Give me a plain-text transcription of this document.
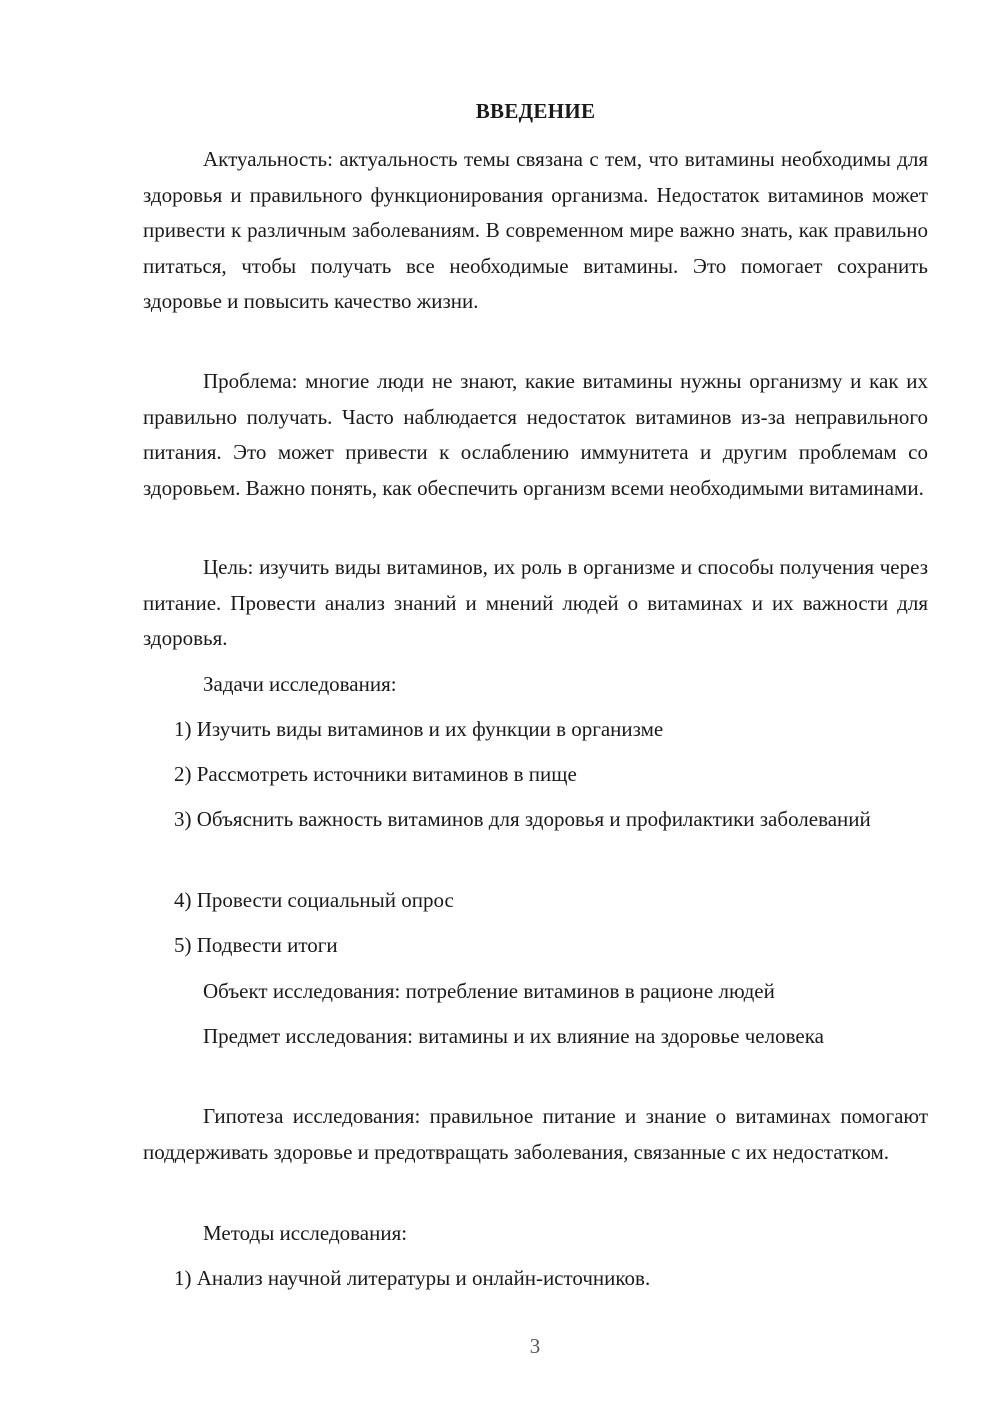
ВВЕДЕНИЕ

Актуальность: актуальность темы связана с тем, что витамины необходимы для здоровья и правильного функционирования организма. Недостаток витаминов может привести к различным заболеваниям. В современном мире важно знать, как правильно питаться, чтобы получать все необходимые витамины. Это помогает сохранить здоровье и повысить качество жизни.

Проблема: многие люди не знают, какие витамины нужны организму и как их правильно получать. Часто наблюдается недостаток витаминов из-за неправильного питания. Это может привести к ослаблению иммунитета и другим проблемам со здоровьем. Важно понять, как обеспечить организм всеми необходимыми витаминами.

Цель: изучить виды витаминов, их роль в организме и способы получения через питание. Провести анализ знаний и мнений людей о витаминах и их важности для здоровья.

Задачи исследования:

1) Изучить виды витаминов и их функции в организме

2) Рассмотреть источники витаминов в пище

3) Объяснить важность витаминов для здоровья и профилактики заболеваний

4) Провести социальный опрос

5) Подвести итоги

Объект исследования: потребление витаминов в рационе людей

Предмет исследования: витамины и их влияние на здоровье человека

Гипотеза исследования: правильное питание и знание о витаминах помогают поддерживать здоровье и предотвращать заболевания, связанные с их недостатком.

Методы исследования:

1) Анализ научной литературы и онлайн-источников.

3
